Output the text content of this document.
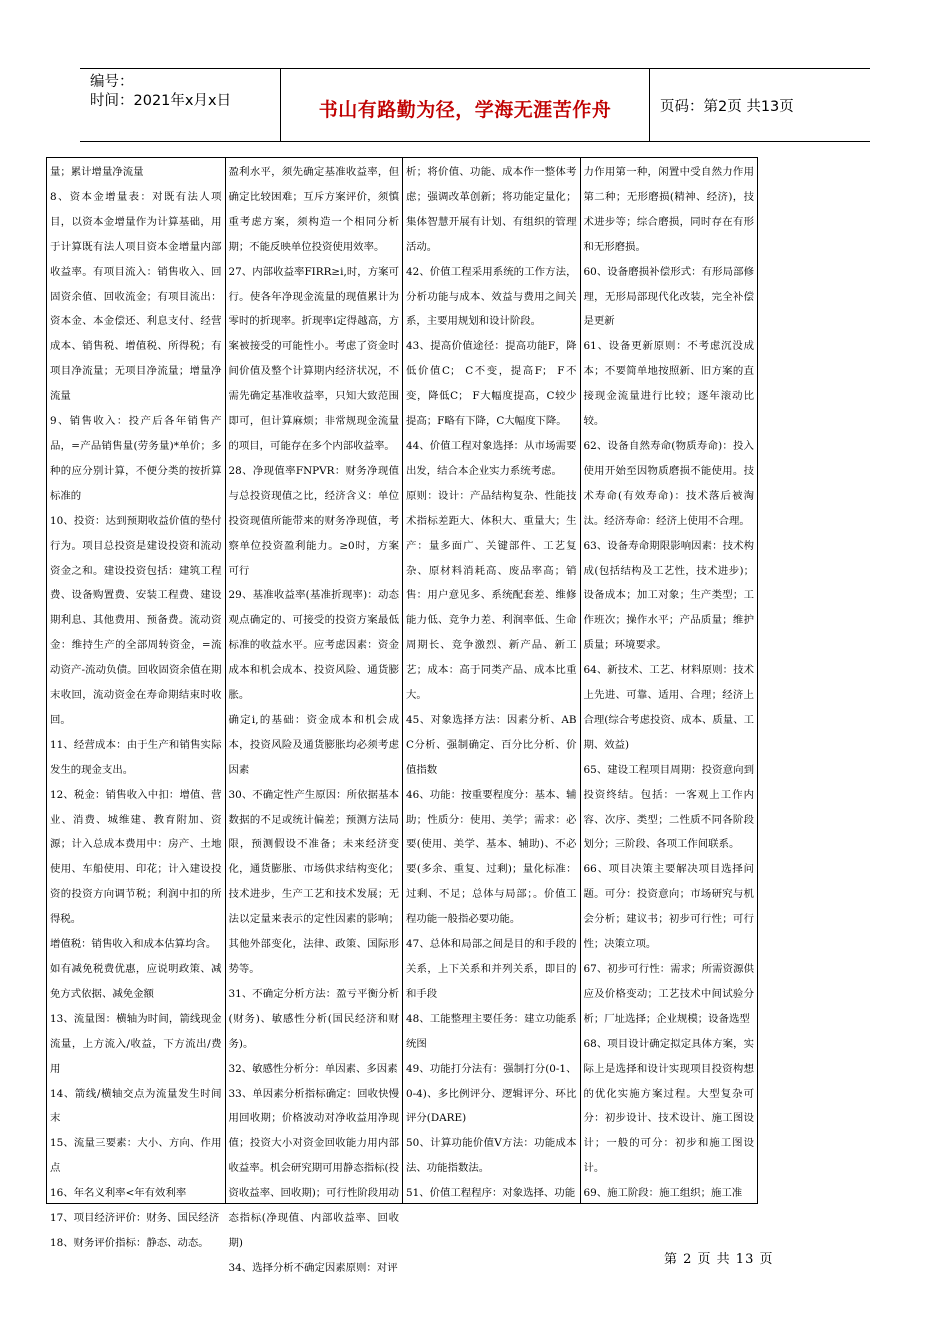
编号：
时间：2021年x月x日	书山有路勤为径，学海无涯苦作舟	页码：第2页 共13页

量；累计增量净流量

8、资本金增量表：对既有法人项目，以资本金增量作为计算基础，用于计算既有法人项目资本金增量内部收益率。有项目流入：销售收入、回固资余值、回收流金；有项目流出：资本金、本金偿还、利息支付、经营成本、销售税、增值税、所得税；有项目净流量；无项目净流量；增量净流量

9、销售收入：投产后各年销售产品，=产品销售量(劳务量)*单价；多种的应分别计算，不便分类的按折算标准的

10、投资：达到预期收益价值的垫付行为。项目总投资是建设投资和流动资金之和。建设投资包括：建筑工程费、设备购置费、安装工程费、建设期利息、其他费用、预备费。流动资金：维持生产的全部周转资金，=流动资产-流动负债。回收固资余值在期末收回，流动资金在寿命期结束时收回。

11、经营成本：由于生产和销售实际发生的现金支出。

12、税金：销售收入中扣：增值、营业、消费、城维建、教育附加、资源；计入总成本费用中：房产、土地使用、车船使用、印花；计入建设投资的投资方向调节税；利润中扣的所得税。

增值税：销售收入和成本估算均含。

如有减免税费优惠，应说明政策、减免方式依据、减免金额

13、流量图：横轴为时间，箭线现金流量，上方流入/收益，下方流出/费用

14、箭线/横轴交点为流量发生时间末

15、流量三要素：大小、方向、作用点

16、年名义利率<年有效利率

17、项目经济评价：财务、国民经济

18、财务评价指标：静态、动态。

盈利水平，须先确定基准收益率，但确定比较困难；互斥方案评价，须慎重考虑方案，须构造一个相同分析期；不能反映单位投资使用效率。

27、内部收益率FIRR≥i,时，方案可行。使各年净现金流量的现值累计为零时的折现率。折现率i定得越高，方案被接受的可能性小。考虑了资金时间价值及整个计算期内经济状况，不需先确定基准收益率，只知大致范围即可，但计算麻烦；非常规现金流量的项目，可能存在多个内部收益率。

28、净现值率FNPVR：财务净现值与总投资现值之比，经济含义：单位投资现值所能带来的财务净现值，考察单位投资盈利能力。≥0时，方案可行

29、基准收益率(基准折现率)：动态观点确定的、可接受的投资方案最低标准的收益水平。应考虑因素：资金成本和机会成本、投资风险、通货膨胀。

确定i,的基础：资金成本和机会成本，投资风险及通货膨胀均必须考虑因素

30、不确定性产生原因：所依据基本数据的不足或统计偏差；预测方法局限，预测假设不准备；未来经济变化，通货膨胀、市场供求结构变化；技术进步，生产工艺和技术发展；无法以定量来表示的定性因素的影响；其他外部变化，法律、政策、国际形势等。

31、不确定分析方法：盈亏平衡分析(财务)、敏感性分析(国民经济和财务)。

32、敏感性分析分：单因素、多因素

33、单因素分析指标确定：回收快慢用回收期；价格波动对净收益用净现值；投资大小对资金回收能力用内部收益率。机会研究期可用静态指标(投资收益率、回收期)；可行性阶段用动态指标(净现值、内部收益率、回收期)

34、选择分析不确定因素原则：对评

析；将价值、功能、成本作一整体考虑；强调改革创新；将功能定量化；集体智慧开展有计划、有组织的管理活动。

42、价值工程采用系统的工作方法，分析功能与成本、效益与费用之间关系，主要用规划和设计阶段。

43、提高价值途径：提高功能F，降低价值C； C不变，提高F； F不变，降低C； F大幅度提高，C较少提高；F略有下降，C大幅度下降。

44、价值工程对象选择：从市场需要出发，结合本企业实力系统考虑。

原则：设计：产品结构复杂、性能技术指标差距大、体积大、重量大；生产：量多面广、关键部件、工艺复杂、原材料消耗高、废品率高；销售：用户意见多、系统配套差、维修能力低、竞争力差、利润率低、生命周期长、竞争激烈、新产品、新工艺；成本：高于同类产品、成本比重大。

45、对象选择方法：因素分析、ABC分析、强制确定、百分比分析、价值指数

46、功能：按重要程度分：基本、辅助；性质分：使用、美学；需求：必要(使用、美学、基本、辅助)、不必要(多余、重复、过剩)；量化标准：过剩、不足；总体与局部；。价值工程功能一般指必要功能。

47、总体和局部之间是目的和手段的关系，上下关系和并列关系，即目的和手段

48、工能整理主要任务：建立功能系统图

49、功能打分法有：强制打分(0-1、0-4)、多比例评分、逻辑评分、环比评分(DARE)

50、计算功能价值V方法：功能成本法、功能指数法。

51、价值工程程序：对象选择、功能

力作用第一种，闲置中受自然力作用第二种；无形磨损(精神、经济)，技术进步等；综合磨损，同时存在有形和无形磨损。

60、设备磨损补偿形式：有形局部修理，无形局部现代化改装，完全补偿是更新

61、设备更新原则：不考虑沉没成本；不要简单地按照新、旧方案的直接现金流量进行比较；逐年滚动比较。

62、设备自然寿命(物质寿命)：投入使用开始至因物质磨损不能使用。技术寿命(有效寿命)：技术落后被淘汰。经济寿命：经济上使用不合理。

63、设备寿命期限影响因素：技术构成(包括结构及工艺性，技术进步)；设备成本；加工对象；生产类型；工作班次；操作水平；产品质量；维护质量；环境要求。

64、新技术、工艺、材料原则：技术上先进、可靠、适用、合理；经济上合理(综合考虑投资、成本、质量、工期、效益)

65、建设工程项目周期：投资意向到投资终结。包括：一客观上工作内容、次序、类型；二性质不同各阶段划分；三阶段、各项工作间联系。

66、项目决策主要解决项目选择问题。可分：投资意向；市场研究与机会分析；建议书；初步可行性；可行性；决策立项。

67、初步可行性：需求；所需资源供应及价格变动；工艺技术中间试验分析；厂址选择；企业规模；设备选型

68、项目设计确定拟定具体方案，实际上是选择和设计实现项目投资构想的优化实施方案过程。大型复杂可分：初步设计、技术设计、施工图设计；一般的可分：初步和施工图设计。

69、施工阶段：施工组织；施工准

第 2 页 共 13 页
